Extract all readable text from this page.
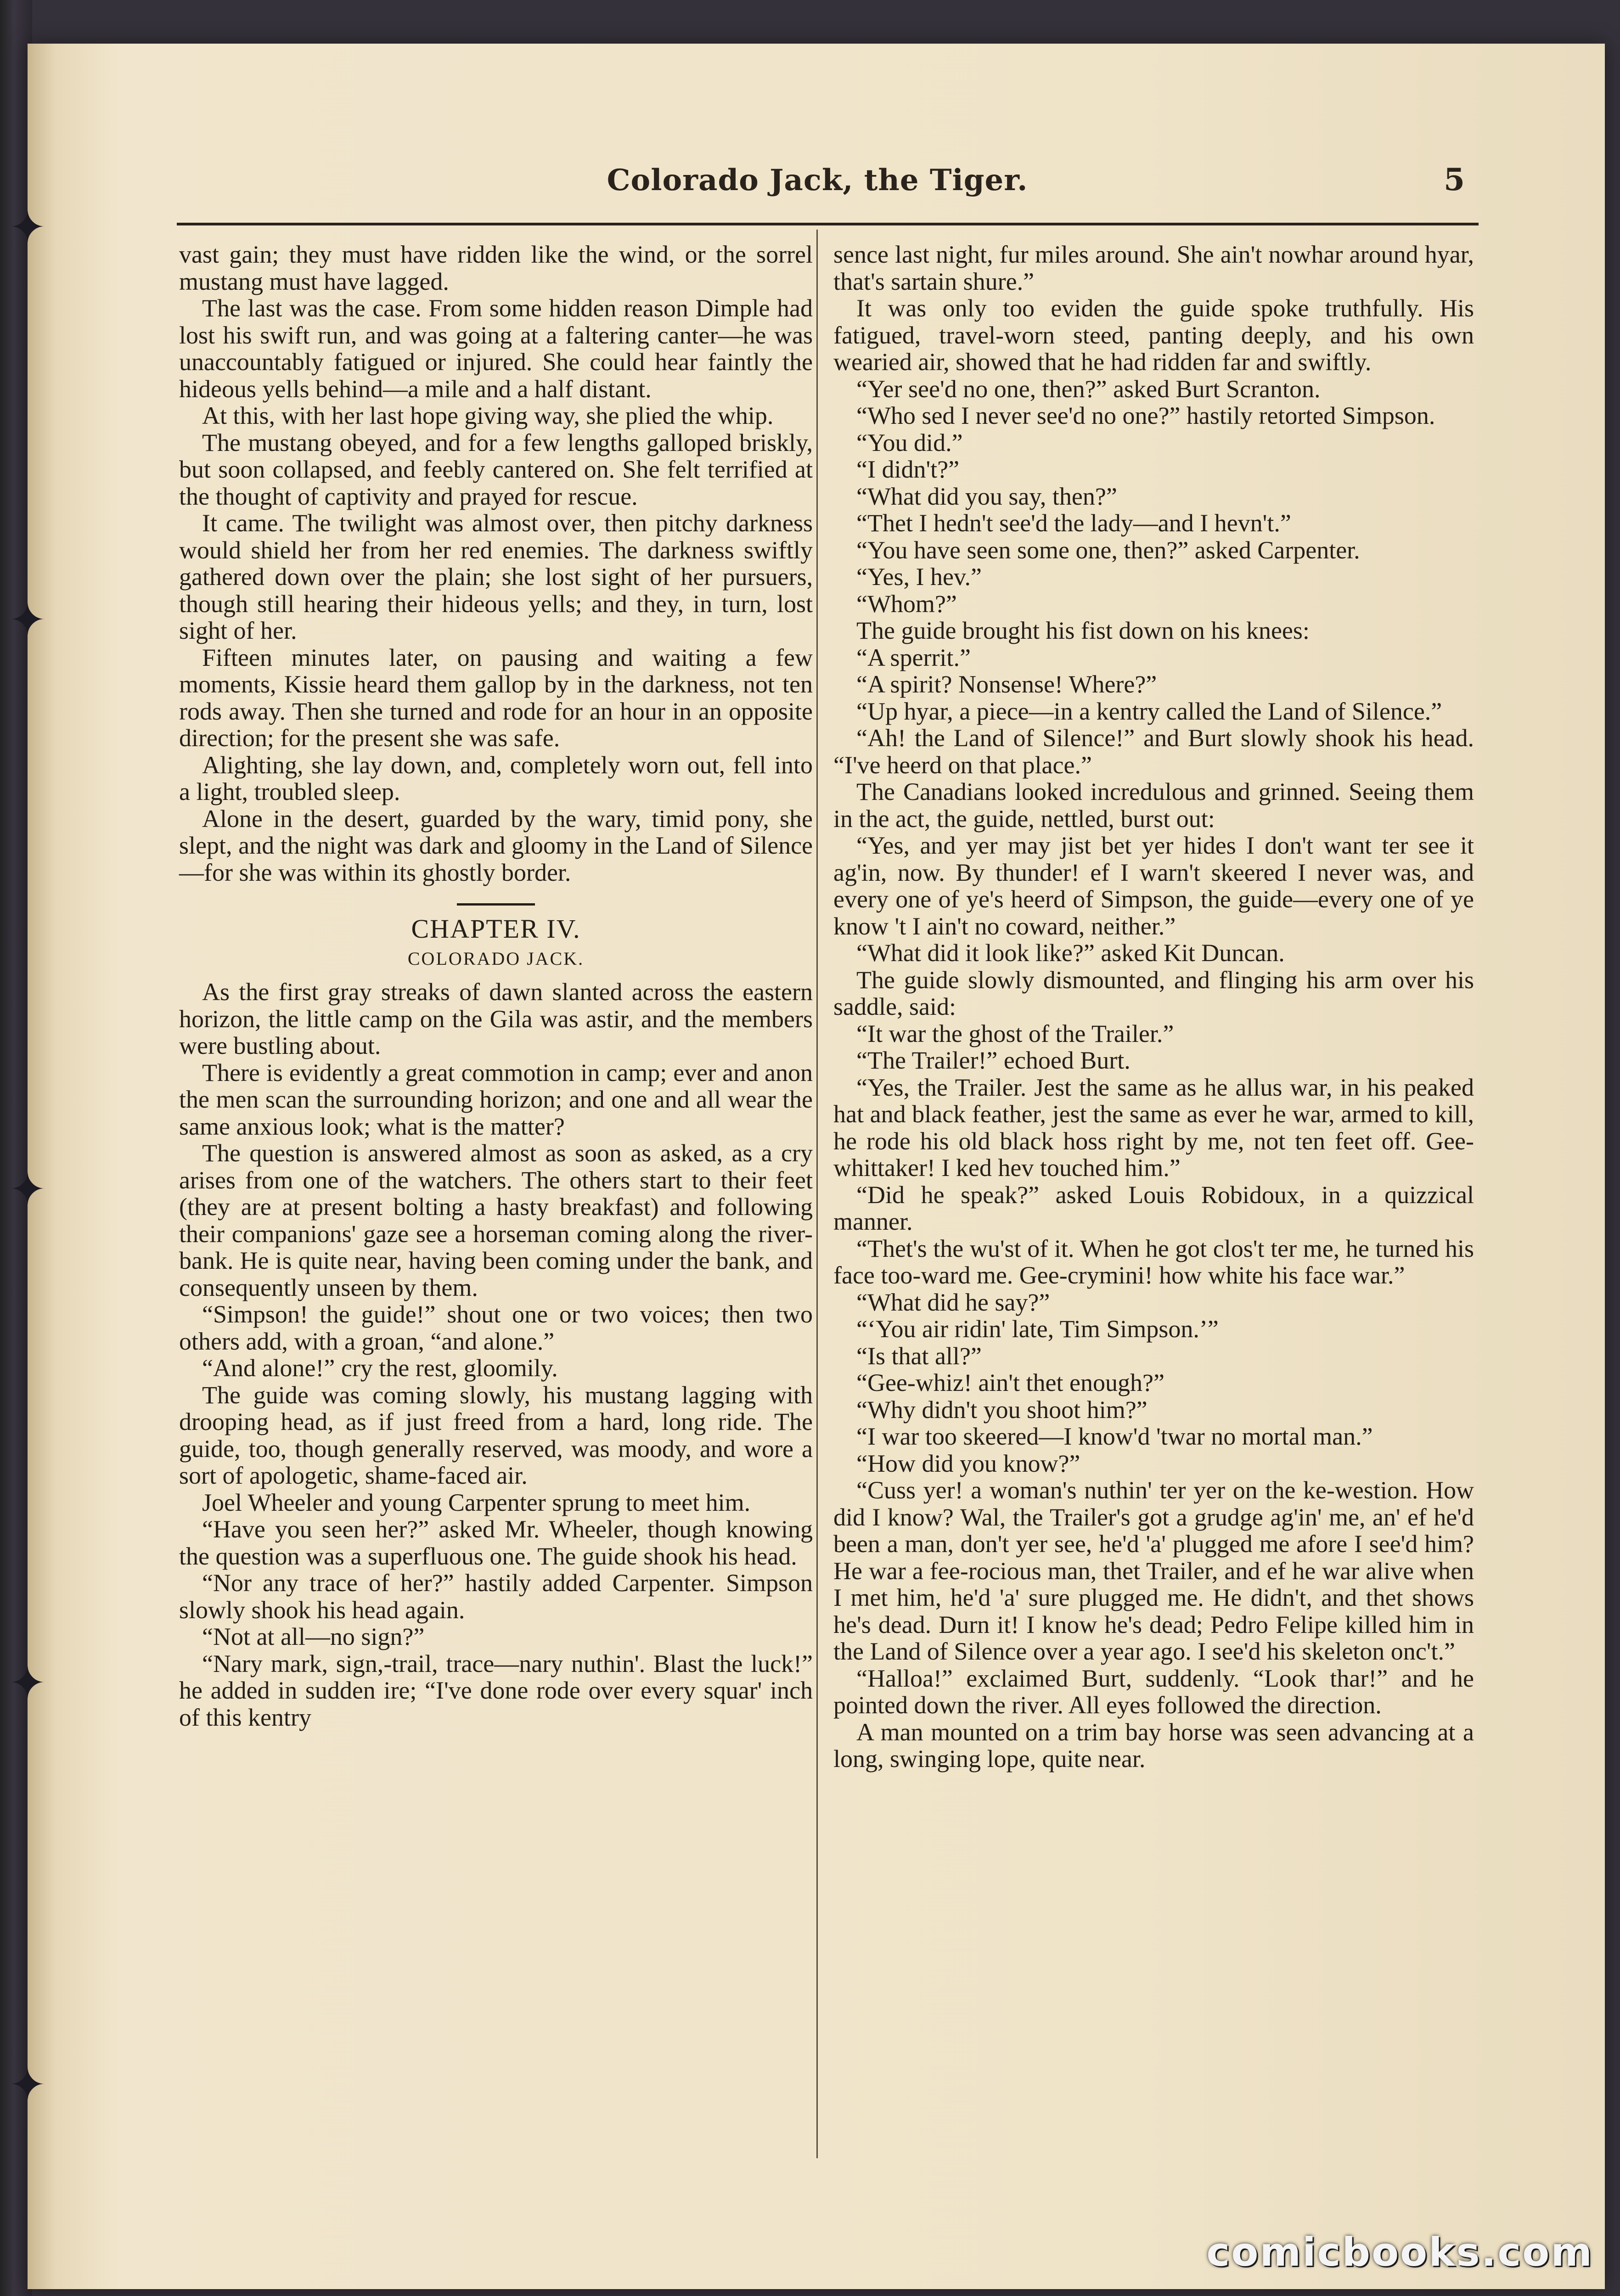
✦
✦
✦
✦
✦
Colorado Jack, the Tiger.	5

vast gain; they must have ridden like the wind, or the sorrel mustang must have lagged.

The last was the case. From some hidden reason Dimple had lost his swift run, and was going at a faltering canter—he was unaccountably fatigued or injured. She could hear faintly the hideous yells behind—a mile and a half distant.

At this, with her last hope giving way, she plied the whip.

The mustang obeyed, and for a few lengths galloped briskly, but soon collapsed, and feebly cantered on. She felt terrified at the thought of captivity and prayed for rescue.

It came. The twilight was almost over, then pitchy darkness would shield her from her red enemies. The darkness swiftly gathered down over the plain; she lost sight of her pursuers, though still hearing their hideous yells; and they, in turn, lost sight of her.

Fifteen minutes later, on pausing and waiting a few moments, Kissie heard them gallop by in the darkness, not ten rods away. Then she turned and rode for an hour in an opposite direction; for the present she was safe.

Alighting, she lay down, and, completely worn out, fell into a light, troubled sleep.

Alone in the desert, guarded by the wary, timid pony, she slept, and the night was dark and gloomy in the Land of Silence—for she was within its ghostly border.

CHAPTER IV.
COLORADO JACK.

As the first gray streaks of dawn slanted across the eastern horizon, the little camp on the Gila was astir, and the members were bustling about.

There is evidently a great commotion in camp; ever and anon the men scan the surrounding horizon; and one and all wear the same anxious look; what is the matter?

The question is answered almost as soon as asked, as a cry arises from one of the watchers. The others start to their feet (they are at present bolting a hasty breakfast) and following their companions' gaze see a horseman coming along the river-bank. He is quite near, having been coming under the bank, and consequently unseen by them.

“Simpson! the guide!” shout one or two voices; then two others add, with a groan, “and alone.”

“And alone!” cry the rest, gloomily.

The guide was coming slowly, his mustang lagging with drooping head, as if just freed from a hard, long ride. The guide, too, though generally reserved, was moody, and wore a sort of apologetic, shame-faced air.

Joel Wheeler and young Carpenter sprung to meet him.

“Have you seen her?” asked Mr. Wheeler, though knowing the question was a superfluous one. The guide shook his head.

“Nor any trace of her?” hastily added Carpenter. Simpson slowly shook his head again.

“Not at all—no sign?”

“Nary mark, sign,-trail, trace—nary nuthin'. Blast the luck!” he added in sudden ire; “I've done rode over every squar' inch of this kentry

sence last night, fur miles around. She ain't nowhar around hyar, that's sartain shure.”

It was only too eviden the guide spoke truthfully. His fatigued, travel-worn steed, panting deeply, and his own wearied air, showed that he had ridden far and swiftly.

“Yer see'd no one, then?” asked Burt Scranton.

“Who sed I never see'd no one?” hastily retorted Simpson.

“You did.”

“I didn't?”

“What did you say, then?”

“Thet I hedn't see'd the lady—and I hevn't.”

“You have seen some one, then?” asked Carpenter.

“Yes, I hev.”

“Whom?”

The guide brought his fist down on his knees:

“A sperrit.”

“A spirit? Nonsense! Where?”

“Up hyar, a piece—in a kentry called the Land of Silence.”

“Ah! the Land of Silence!” and Burt slowly shook his head. “I've heerd on that place.”

The Canadians looked incredulous and grinned. Seeing them in the act, the guide, nettled, burst out:

“Yes, and yer may jist bet yer hides I don't want ter see it ag'in, now. By thunder! ef I warn't skeered I never was, and every one of ye's heerd of Simpson, the guide—every one of ye know 't I ain't no coward, neither.”

“What did it look like?” asked Kit Duncan.

The guide slowly dismounted, and flinging his arm over his saddle, said:

“It war the ghost of the Trailer.”

“The Trailer!” echoed Burt.

“Yes, the Trailer. Jest the same as he allus war, in his peaked hat and black feather, jest the same as ever he war, armed to kill, he rode his old black hoss right by me, not ten feet off. Gee-whittaker! I ked hev touched him.”

“Did he speak?” asked Louis Robidoux, in a quizzical manner.

“Thet's the wu'st of it. When he got clos't ter me, he turned his face too-ward me. Gee-crymini! how white his face war.”

“What did he say?”

“‘You air ridin' late, Tim Simpson.’”

“Is that all?”

“Gee-whiz! ain't thet enough?”

“Why didn't you shoot him?”

“I war too skeered—I know'd 'twar no mortal man.”

“How did you know?”

“Cuss yer! a woman's nuthin' ter yer on the ke-westion. How did I know? Wal, the Trailer's got a grudge ag'in' me, an' ef he'd been a man, don't yer see, he'd 'a' plugged me afore I see'd him? He war a fee-rocious man, thet Trailer, and ef he war alive when I met him, he'd 'a' sure plugged me. He didn't, and thet shows he's dead. Durn it! I know he's dead; Pedro Felipe killed him in the Land of Silence over a year ago. I see'd his skeleton onc't.”

“Halloa!” exclaimed Burt, suddenly. “Look thar!” and he pointed down the river. All eyes followed the direction.

A man mounted on a trim bay horse was seen advancing at a long, swinging lope, quite near.

comicbooks.com
